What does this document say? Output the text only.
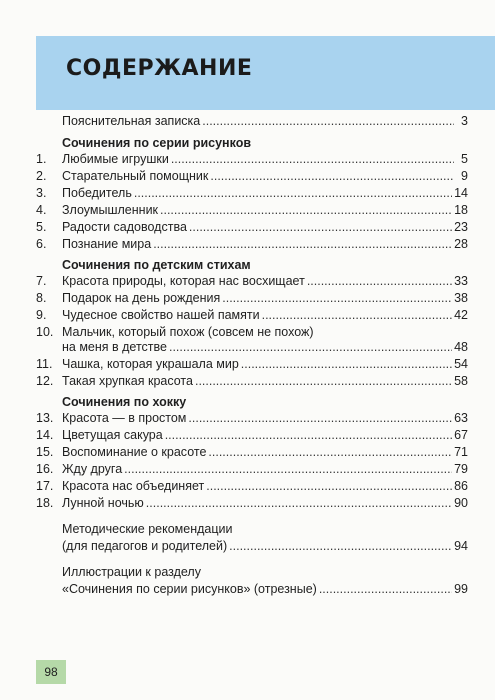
СОДЕРЖАНИЕ
Пояснительная записка .....	3
Сочинения по серии рисунков
1.	Любимые игрушки .....	5
2.	Старательный помощник .....	9
3.	Победитель .....	14
4.	Злоумышленник .....	18
5.	Радости садоводства .....	23
6.	Познание мира .....	28
Сочинения по детским стихам
7.	Красота природы, которая нас восхищает .....	33
8.	Подарок на день рождения .....	38
9.	Чудесное свойство нашей памяти .....	42
10. Мальчик, который похож (совсем не похож)
на меня в детстве .....	48
11. Чашка, которая украшала мир .....	54
12. Такая хрупкая красота .....	58
Сочинения по хокку
13. Красота — в простом .....	63
14. Цветущая сакура .....	67
15. Воспоминание о красоте .....	71
16. Жду друга .....	79
17. Красота нас объединяет .....	86
18. Лунной ночью .....	90
98
Методические рекомендации
(для педагогов и родителей) .....	94
Иллюстрации к разделу
«Сочинения по серии рисунков» (отрезные) .....	99
